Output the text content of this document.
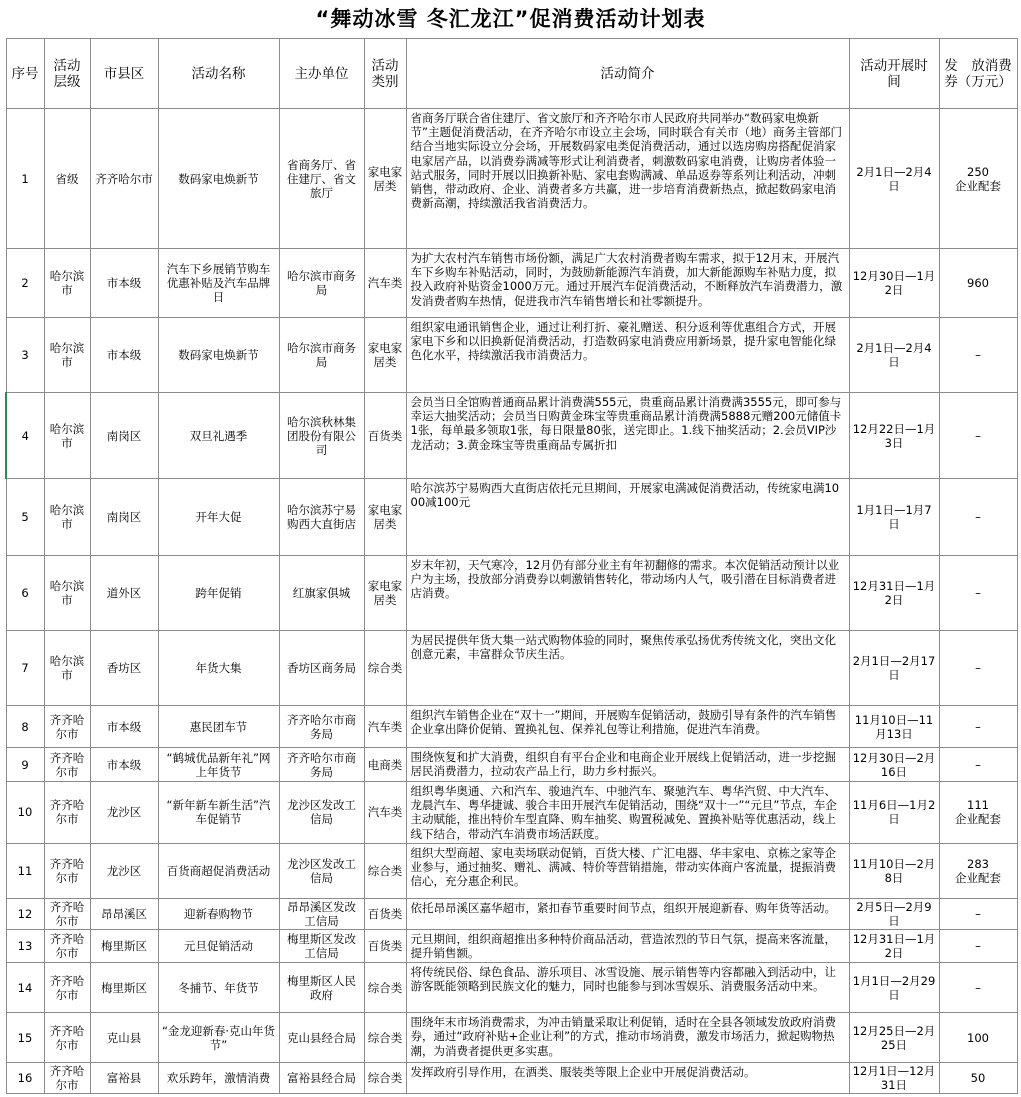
“舞动冰雪 冬汇龙江”促消费活动计划表
序号	活动层级	市县区	活动名称	主办单位	活动类别	活动简介	活动开展时　间	发　放消费券（万元）
1	省级	齐齐哈尔市	数码家电焕新节	省商务厅、省住建厅、省文旅厅	家电家居类	省商务厅联合省住建厅、省文旅厅和齐齐哈尔市人民政府共同举办“数码家电焕新节”主题促消费活动，在齐齐哈尔市设立主会场，同时联合有关市（地）商务主管部门结合当地实际设立分会场，开展数码家电类促消费活动，通过以选房购房搭配促消家电家居产品，以消费券满减等形式让利消费者，刺激数码家电消费，让购房者体验一站式服务，同时开展以旧换新补贴、家电套购满减、单品返券等系列让利活动，冲刺销售，带动政府、企业、消费者多方共赢，进一步培育消费新热点，掀起数码家电消费新高潮，持续激活我省消费活力。	2月1日—2月4日	250
企业配套
2	哈尔滨市	市本级	汽车下乡展销节购车优惠补贴及汽车品牌日	哈尔滨市商务局	汽车类	为扩大农村汽车销售市场份额，满足广大农村消费者购车需求，拟于12月末，开展汽车下乡购车补贴活动，同时，为鼓励新能源汽车消费，加大新能源购车补贴力度，拟投入政府补贴资金1000万元。通过开展汽车促消费活动，不断释放汽车消费潜力，激发消费者购车热情，促进我市汽车销售增长和社零额提升。	12月30日—1月2日	960
3	哈尔滨市	市本级	数码家电焕新节	哈尔滨市商务局	家电家居类	组织家电通讯销售企业，通过让利打折、豪礼赠送、积分返利等优惠组合方式，开展家电下乡和以旧换新促消费活动，打造数码家电消费应用新场景，提升家电智能化绿色化水平，持续激活我市消费活力。	2月1日—2月4日	–
4	哈尔滨市	南岗区	双旦礼遇季	哈尔滨秋林集团股份有限公司	百货类	会员当日全馆购普通商品累计消费满555元，贵重商品累计消费满3555元，即可参与幸运大抽奖活动；会员当日购黄金珠宝等贵重商品累计消费满5888元赠200元储值卡1张，每单最多领取1张，每日限量80张，送完即止。1.线下抽奖活动；2.会员VIP沙龙活动；3.黄金珠宝等贵重商品专属折扣	12月22日—1月3日	–
5	哈尔滨市	南岗区	开年大促	哈尔滨苏宁易购西大直街店	家电家居类	哈尔滨苏宁易购西大直街店依托元旦期间，开展家电满减促消费活动，传统家电满1000减100元	1月1日—1月7日	–
6	哈尔滨市	道外区	跨年促销	红旗家俱城	家电家居类	岁末年初，天气寒冷，12月仍有部分业主有年初翻修的需求。本次促销活动预计以业户为主场，投放部分消费券以刺激销售转化，带动场内人气，吸引潜在目标消费者进店消费。	12月31日—1月2日	–
7	哈尔滨市	香坊区	年货大集	香坊区商务局	综合类	为居民提供年货大集一站式购物体验的同时，聚焦传承弘扬优秀传统文化，突出文化创意元素，丰富群众节庆生活。	2月1日—2月17日	–
8	齐齐哈尔市	市本级	惠民团车节	齐齐哈尔市商务局	汽车类	组织汽车销售企业在“双十一”期间，开展购车促销活动，鼓励引导有条件的汽车销售企业拿出降价促销、置换礼包、保养礼包等让利措施，促进汽车消费。	11月10日—11月13日	–
9	齐齐哈尔市	市本级	“鹤城优品新年礼”网上年货节	齐齐哈尔市商务局	电商类	围绕恢复和扩大消费，组织自有平台企业和电商企业开展线上促销活动，进一步挖掘居民消费潜力，拉动农产品上行，助力乡村振兴。	12月30日—2月16日	–
10	齐齐哈尔市	龙沙区	“新年新车新生活”汽车促销节	龙沙区发改工信局	汽车类	组织粤华奥通、六和汽车、骏迪汽车、中驰汽车、聚驰汽车、粤华汽贸、中大汽车、龙晨汽车、粤华捷诚、骏合丰田开展汽车促销活动，围绕“双十一”“元旦”节点，车企主动赋能，推出特价车型直降、购车抽奖、购置税减免、置换补贴等优惠活动，线上线下结合，带动汽车消费市场活跃度。	11月6日—1月2日	111
企业配套
11	齐齐哈尔市	龙沙区	百货商超促消费活动	龙沙区发改工信局	综合类	组织大型商超、家电卖场联动促销，百货大楼、广汇电器、华丰家电、京栋之家等企业参与，通过抽奖、赠礼、满减、特价等营销措施，带动实体商户客流量，提振消费信心，充分惠企利民。	11月10日—2月8日	283
企业配套
12	齐齐哈尔市	昂昂溪区	迎新春购物节	昂昂溪区发改工信局	百货类	依托昂昂溪区嘉华超市，紧扣春节重要时间节点，组织开展迎新春、购年货等活动。	2月5日—2月9日	–
13	齐齐哈尔市	梅里斯区	元旦促销活动	梅里斯区发改工信局	百货类	元旦期间，组织商超推出多种特价商品活动，营造浓烈的节日气氛，提高来客流量，提升销售额。	12月31日—1月2日	–
14	齐齐哈尔市	梅里斯区	冬捕节、年货节	梅里斯区人民政府	综合类	将传统民俗、绿色食品、游乐项目、冰雪设施、展示销售等内容都融入到活动中，让游客既能领略到民族文化的魅力，同时也能参与到冰雪娱乐、消费服务活动中来。	1月1日—2月29日	–
15	齐齐哈尔市	克山县	“金龙迎新春·克山年货节”	克山县经合局	综合类	围绕年末市场消费需求，为冲击销量采取让利促销，适时在全县各领域发放政府消费券，通过“政府补贴+企业让利”的方式，推动市场消费，激发市场活力，掀起购物热潮，为消费者提供更多实惠。	12月25日—2月25日	100
16	齐齐哈尔市	富裕县	欢乐跨年，激情消费	富裕县经合局	综合类	发挥政府引导作用，在酒类、服装类等限上企业中开展促消费活动。	12月1日—12月31日	50
